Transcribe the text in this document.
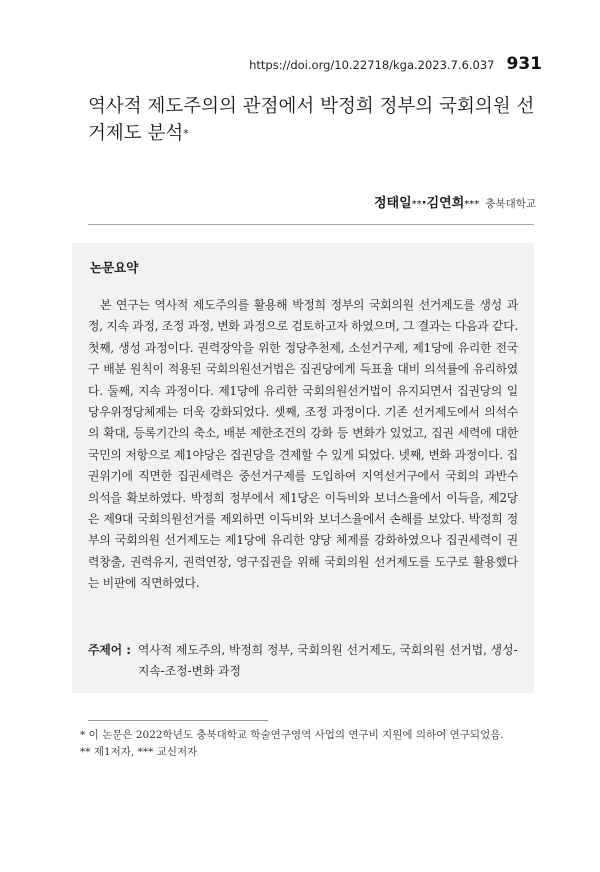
https://doi.org/10.22718/kga.2023.7.6.037 931
역사적 제도주의의 관점에서 박정희 정부의 국회의원 선거제도 분석*
정태일**·김연희*** 충북대학교
논문요약

본 연구는 역사적 제도주의를 활용해 박정희 정부의 국회의원 선거제도를 생성 과정, 지속 과정, 조정 과정, 변화 과정으로 검토하고자 하였으며, 그 결과는 다음과 같다. 첫째, 생성 과정이다. 권력장악을 위한 정당추천제, 소선거구제, 제1당에 유리한 전국구 배분 원칙이 적용된 국회의원선거법은 집권당에게 득표율 대비 의석률에 유리하였다. 둘째, 지속 과정이다. 제1당에 유리한 국회의원선거법이 유지되면서 집권당의 일당우위정당체제는 더욱 강화되었다. 셋째, 조정 과정이다. 기존 선거제도에서 의석수의 확대, 등록기간의 축소, 배분 제한조건의 강화 등 변화가 있었고, 집권 세력에 대한 국민의 저항으로 제1야당은 집권당을 견제할 수 있게 되었다. 넷째, 변화 과정이다. 집권위기에 직면한 집권세력은 중선거구제를 도입하여 지역선거구에서 국회의 과반수 의석을 확보하였다. 박정희 정부에서 제1당은 이득비와 보너스율에서 이득을, 제2당은 제9대 국회의원선거를 제외하면 이득비와 보너스율에서 손해를 보았다. 박정희 정부의 국회의원 선거제도는 제1당에 유리한 양당 체제를 강화하였으나 집권세력이 권력창출, 권력유지, 권력연장, 영구집권을 위해 국회의원 선거제도를 도구로 활용했다는 비판에 직면하였다.

주제어 : 역사적 제도주의, 박정희 정부, 국회의원 선거제도, 국회의원 선거법, 생성-지속-조정-변화 과정
* 이 논문은 2022학년도 충북대학교 학술연구영역 사업의 연구비 지원에 의하여 연구되었음.
** 제1저자, *** 교신저자
